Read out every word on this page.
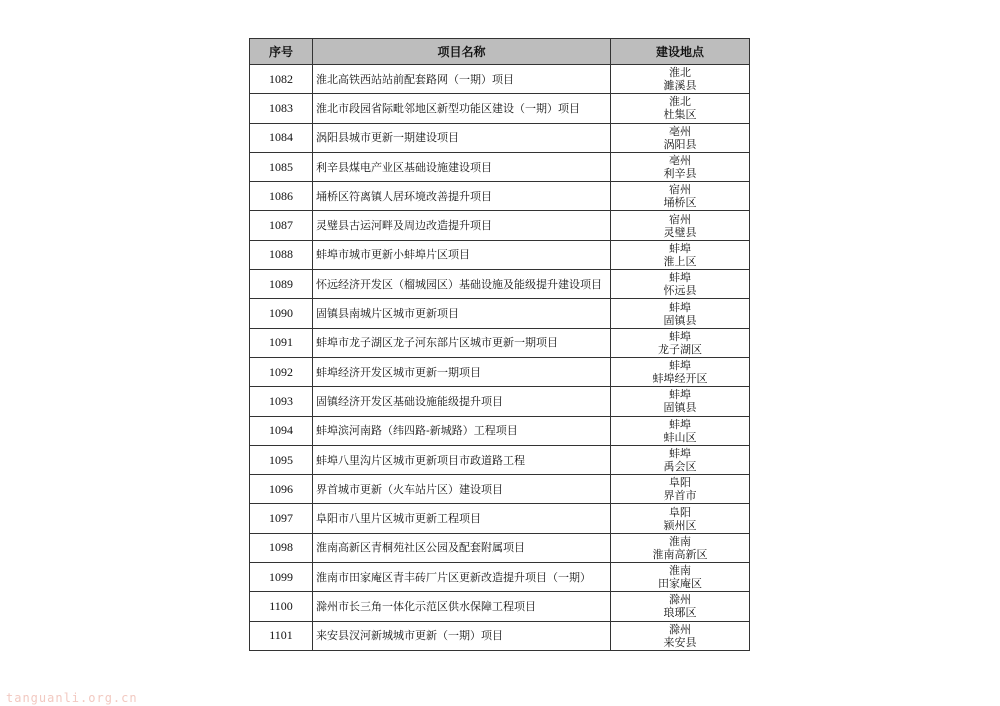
序号	项目名称	建设地点
1082	淮北高铁西站站前配套路网（一期）项目	淮北
濉溪县

1083	淮北市段园省际毗邻地区新型功能区建设（一期）项目	淮北
杜集区

1084	涡阳县城市更新一期建设项目	亳州
涡阳县

1085	利辛县煤电产业区基础设施建设项目	亳州
利辛县

1086	埇桥区符离镇人居环境改善提升项目	宿州
埇桥区

1087	灵璧县古运河畔及周边改造提升项目	宿州
灵璧县

1088	蚌埠市城市更新小蚌埠片区项目	蚌埠
淮上区

1089	怀远经济开发区（榴城园区）基础设施及能级提升建设项目	蚌埠
怀远县

1090	固镇县南城片区城市更新项目	蚌埠
固镇县

1091	蚌埠市龙子湖区龙子河东部片区城市更新一期项目	蚌埠
龙子湖区

1092	蚌埠经济开发区城市更新一期项目	蚌埠
蚌埠经开区

1093	固镇经济开发区基础设施能级提升项目	蚌埠
固镇县

1094	蚌埠滨河南路（纬四路-新城路）工程项目	蚌埠
蚌山区

1095	蚌埠八里沟片区城市更新项目市政道路工程	蚌埠
禹会区

1096	界首城市更新（火车站片区）建设项目	阜阳
界首市

1097	阜阳市八里片区城市更新工程项目	阜阳
颍州区

1098	淮南高新区青桐苑社区公园及配套附属项目	淮南
淮南高新区

1099	淮南市田家庵区青丰砖厂片区更新改造提升项目（一期）	淮南
田家庵区

1100	滁州市长三角一体化示范区供水保障工程项目	滁州
琅琊区

1101	来安县汊河新城城市更新（一期）项目	滁州
来安县
tanguanli.org.cn
